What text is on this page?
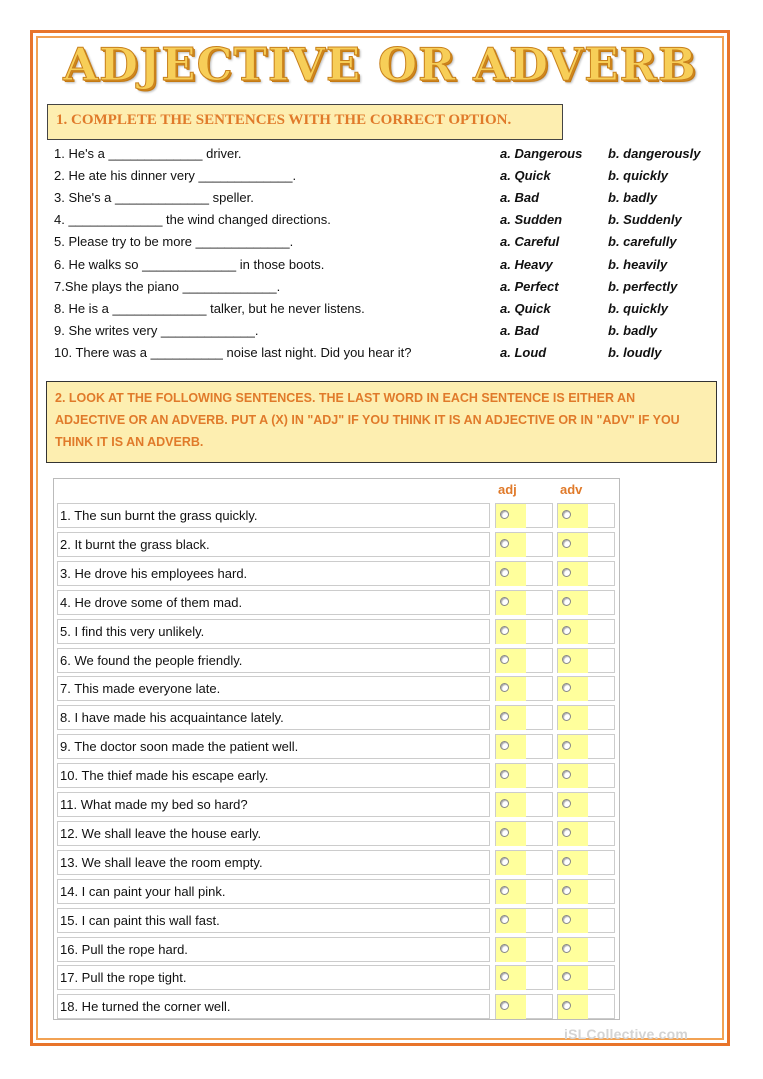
ADJECTIVE OR ADVERB
1. COMPLETE THE SENTENCES WITH THE CORRECT OPTION.
1. He's a _____________ driver.	a. Dangerous b. dangerously
2. He ate his dinner very _____________.	a. Quick	b. quickly
3. She's a _____________ speller.	a. Bad	b. badly
4. _____________ the wind changed directions.	a. Sudden	b. Suddenly
5. Please try to be more _____________.	a. Careful	b. carefully
6. He walks so _____________ in those boots.	a. Heavy	b. heavily
7.She plays the piano _____________.	a. Perfect	b. perfectly
8. He is a _____________ talker, but he never listens.	a. Quick	b. quickly
9. She writes very _____________.	a. Bad	b. badly
10. There was a __________ noise last night. Did you hear it?	a. Loud	b. loudly
2. LOOK AT THE FOLLOWING SENTENCES. THE LAST WORD IN EACH SENTENCE IS EITHER AN
ADJECTIVE OR AN ADVERB. PUT A (X) IN "ADJ" IF YOU THINK IT IS AN ADJECTIVE OR IN "ADV" IF YOU
THINK IT IS AN ADVERB.
adj	adv
1. The sun burnt the grass quickly.
2. It burnt the grass black.
3. He drove his employees hard.
4. He drove some of them mad.
5. I find this very unlikely.
6. We found the people friendly.
7. This made everyone late.
8. I have made his acquaintance lately.
9. The doctor soon made the patient well.
10. The thief made his escape early.
11. What made my bed so hard?
12. We shall leave the house early.
13. We shall leave the room empty.
14. I can paint your hall pink.
15. I can paint this wall fast.
16. Pull the rope hard.
17. Pull the rope tight.
18. He turned the corner well.
iSLCollective.com
